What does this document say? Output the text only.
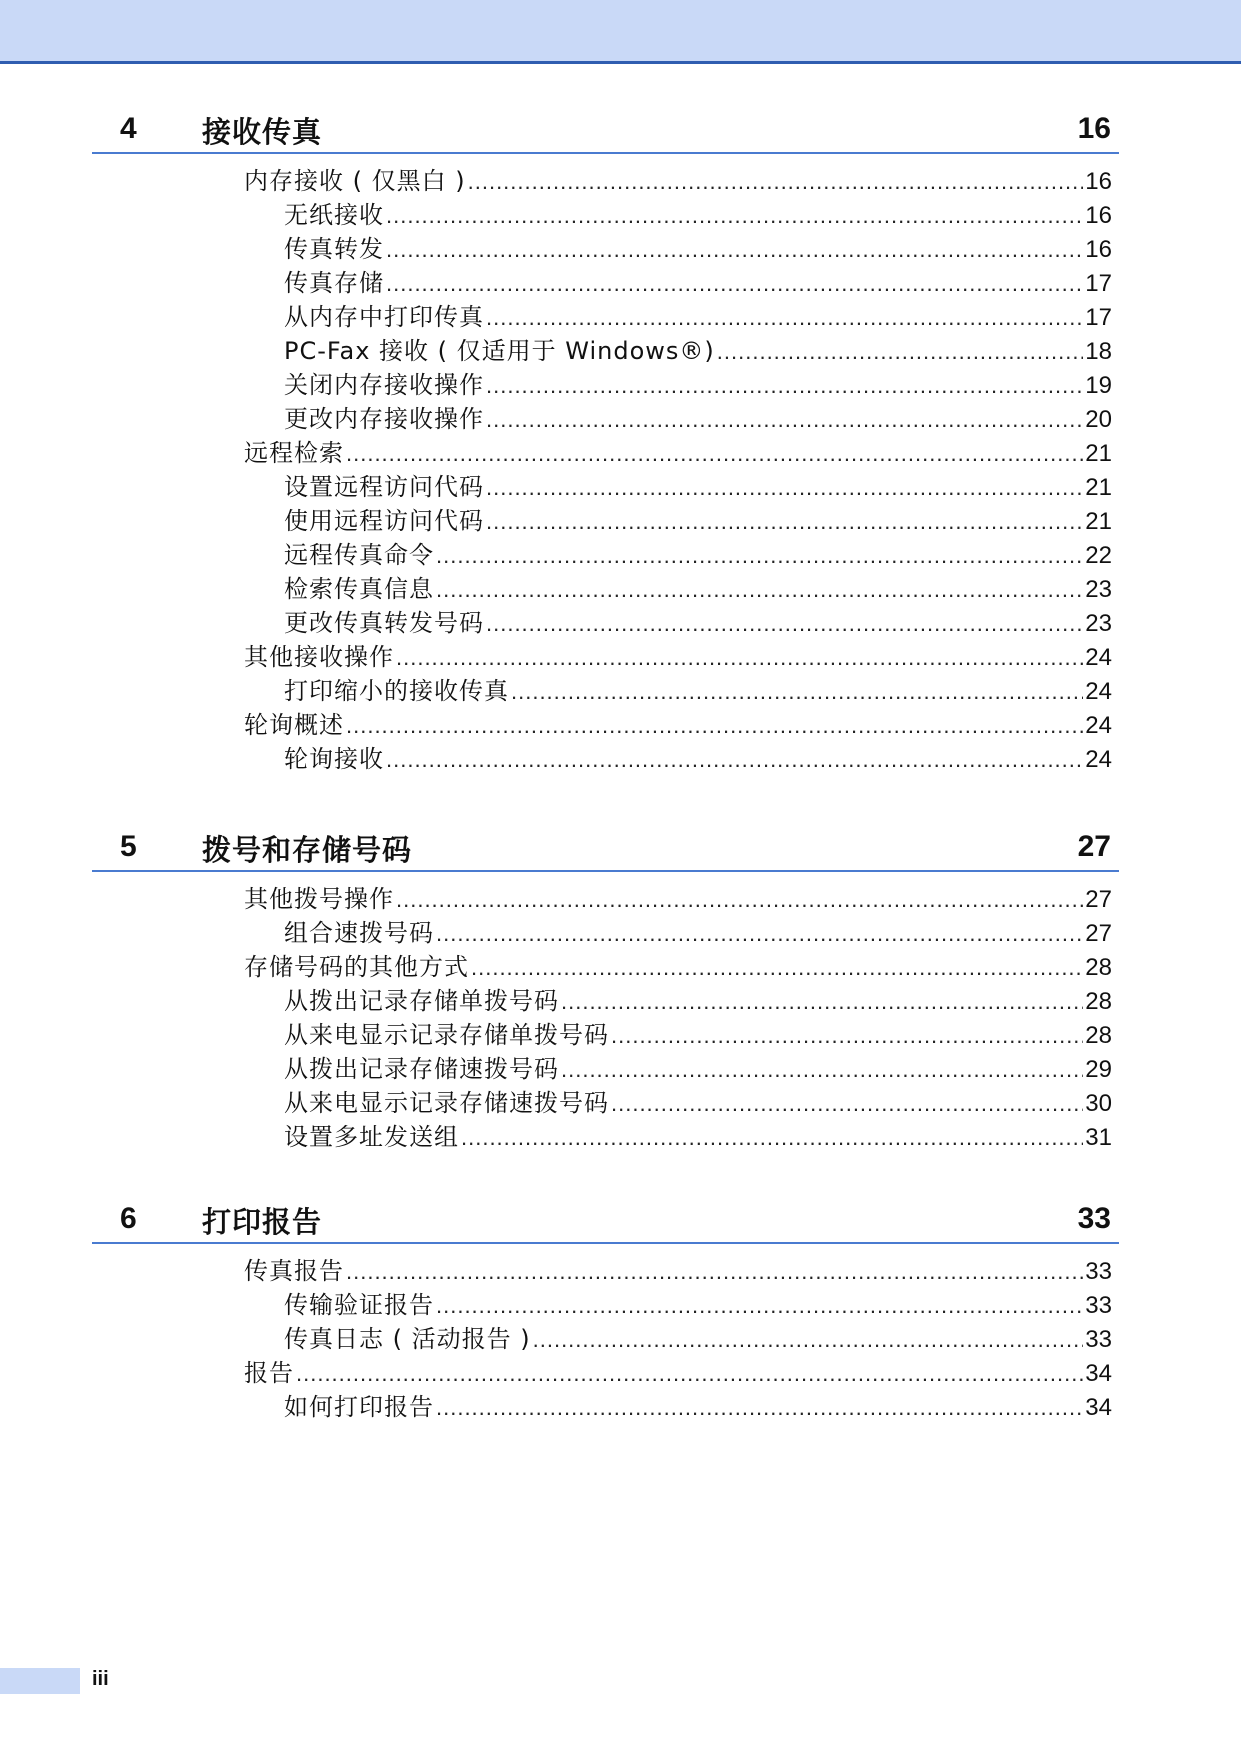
4 接收传真	16
内存接收 ( 仅黑白 ) .....	16
无纸接收 .....	16
传真转发 .....	16
传真存储 .....	17
从内存中打印传真 .....	17
PC-Fax 接收 ( 仅适用于 Windows®) .....	18
关闭内存接收操作 .....	19
更改内存接收操作 .....	20
远程检索 .....	21
设置远程访问代码 .....	21
使用远程访问代码 .....	21
远程传真命令 .....	22
检索传真信息 .....	23
更改传真转发号码 .....	23
其他接收操作 .....	24
打印缩小的接收传真 .....	24
轮询概述 .....	24
轮询接收 .....	24
5 拨号和存储号码	27
其他拨号操作 .....	27
组合速拨号码 .....	27
存储号码的其他方式 .....	28
从拨出记录存储单拨号码 .....	28
从来电显示记录存储单拨号码 .....	28
从拨出记录存储速拨号码 .....	29
从来电显示记录存储速拨号码 .....	30
设置多址发送组 .....	31
6 打印报告	33
传真报告 .....	33
传输验证报告 .....	33
传真日志 ( 活动报告 ) .....	33
报告 .....	34
如何打印报告 .....	34
iii
